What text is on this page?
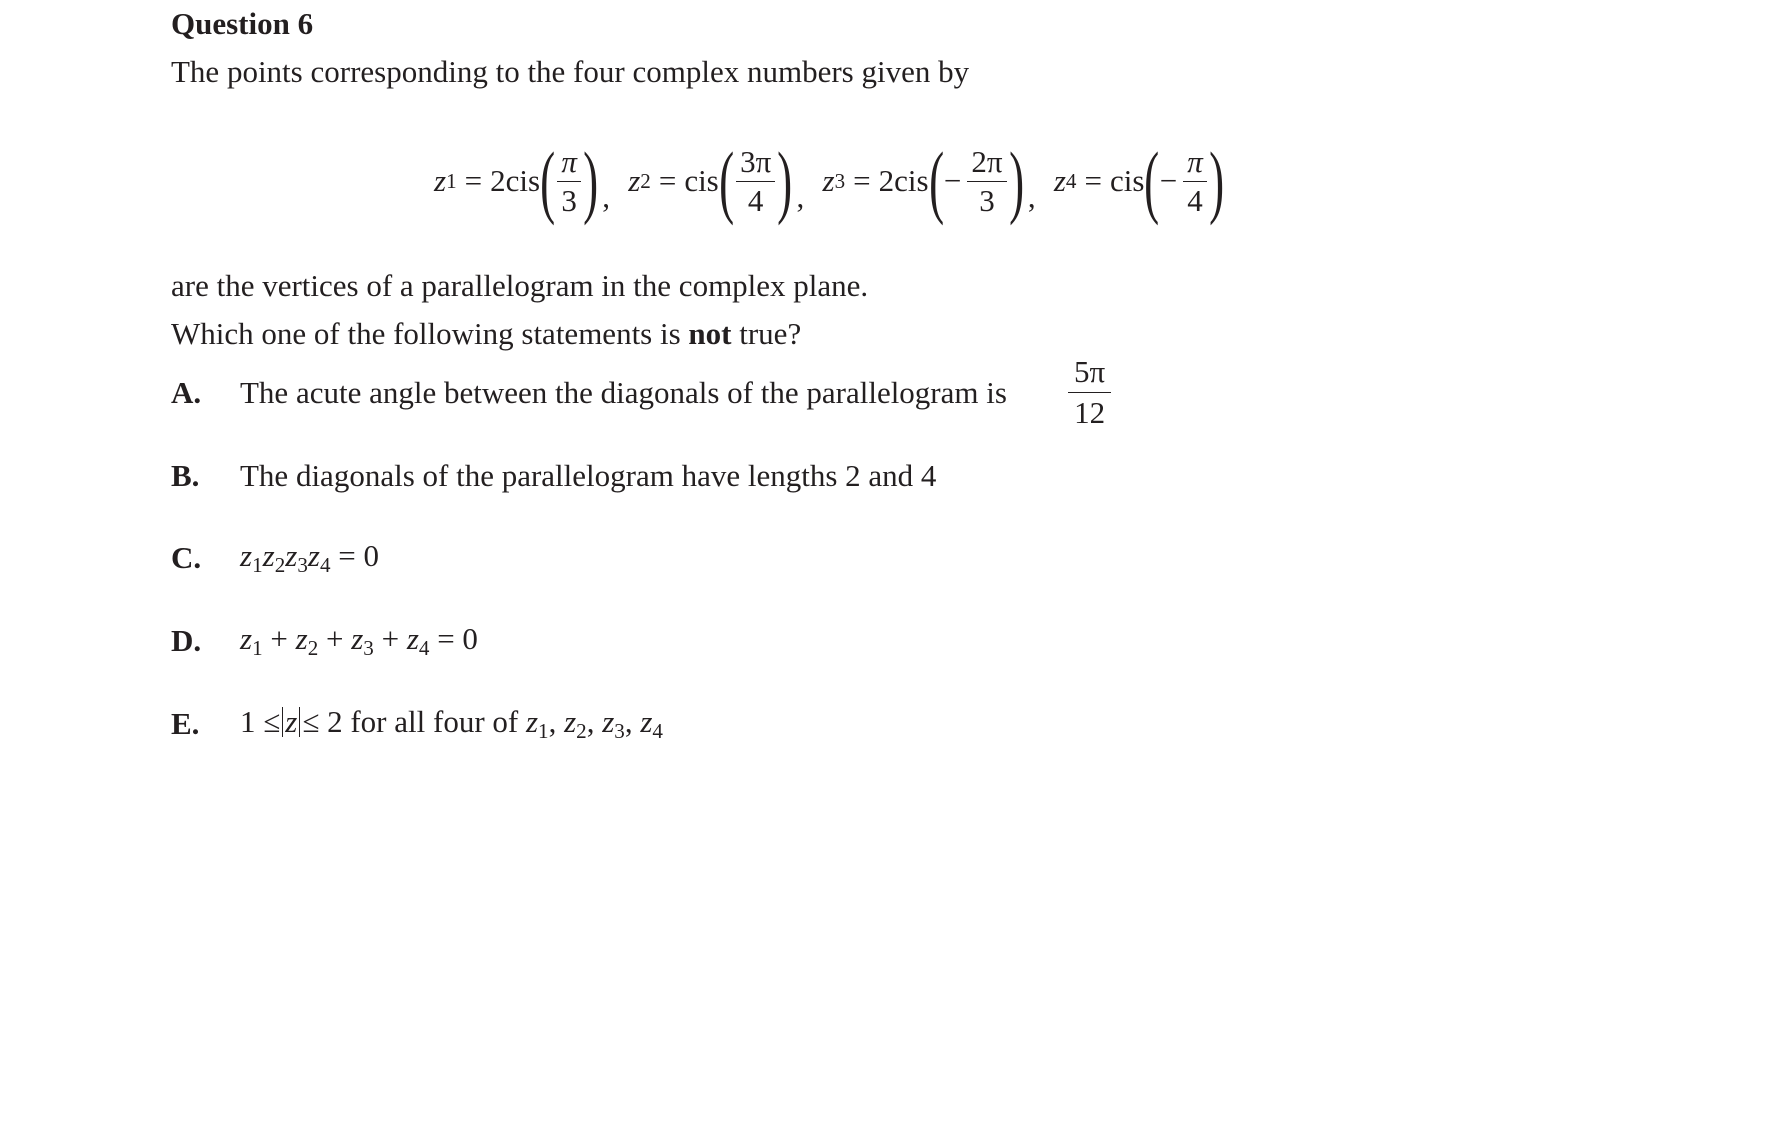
Question 6
The points corresponding to the four complex numbers given by
z 1 = 2cis ( $\frac{\pi}{3}$ ) , z 2 = cis ( $\frac{3\pi}{4}$ ) , z 3 = 2cis ( − $\frac{2\pi}{3}$ ) , z 4 = cis ( − $\frac{\pi}{4}$ )
are the vertices of a parallelogram in the complex plane.
Which one of the following statements is not true?
A. The acute angle between the diagonals of the parallelogram is $\frac{5\pi}{12}$
B. The diagonals of the parallelogram have lengths 2 and 4
C. $z_1z_2z_3z_4 = 0$
D. $z_1 + z_2 + z_3 + z_4 = 0$
E. 1 ≤ z ≤ 2 for all four of $z_1$, $z_2$, $z_3$, $z_4$
